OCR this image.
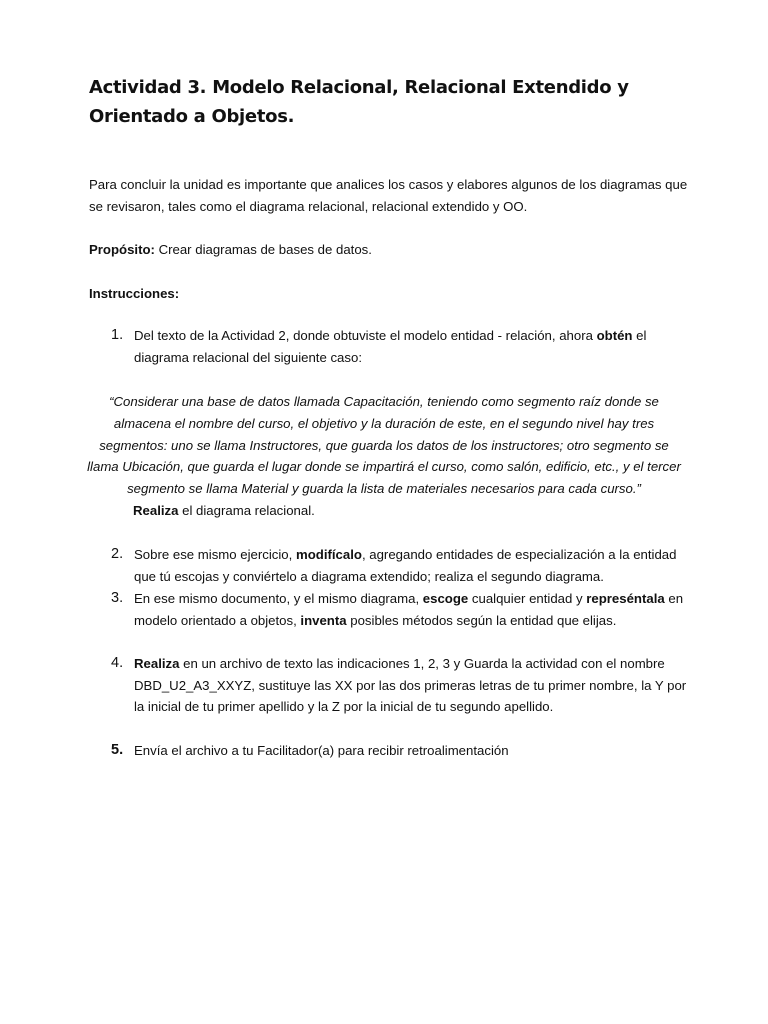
Actividad 3. Modelo Relacional, Relacional Extendido y Orientado a Objetos.
Para concluir la unidad es importante que analices los casos y elabores algunos de los diagramas que se revisaron, tales como el diagrama relacional, relacional extendido y OO.
Propósito: Crear diagramas de bases de datos.
Instrucciones:
1. Del texto de la Actividad 2, donde obtuviste el modelo entidad - relación, ahora obtén el diagrama relacional del siguiente caso:
“Considerar una base de datos llamada Capacitación, teniendo como segmento raíz donde se almacena el nombre del curso, el objetivo y la duración de este, en el segundo nivel hay tres segmentos: uno se llama Instructores, que guarda los datos de los instructores; otro segmento se llama Ubicación, que guarda el lugar donde se impartirá el curso, como salón, edificio, etc., y el tercer segmento se llama Material y guarda la lista de materiales necesarios para cada curso.”
Realiza el diagrama relacional.
2. Sobre ese mismo ejercicio, modifícalo, agregando entidades de especialización a la entidad que tú escojas y conviértelo a diagrama extendido; realiza el segundo diagrama.
3. En ese mismo documento, y el mismo diagrama, escoge cualquier entidad y represéntala en modelo orientado a objetos, inventa posibles métodos según la entidad que elijas.
4. Realiza en un archivo de texto las indicaciones 1, 2, 3 y Guarda la actividad con el nombre DBD_U2_A3_XXYZ, sustituye las XX por las dos primeras letras de tu primer nombre, la Y por la inicial de tu primer apellido y la Z por la inicial de tu segundo apellido.
5. Envía el archivo a tu Facilitador(a) para recibir retroalimentación
